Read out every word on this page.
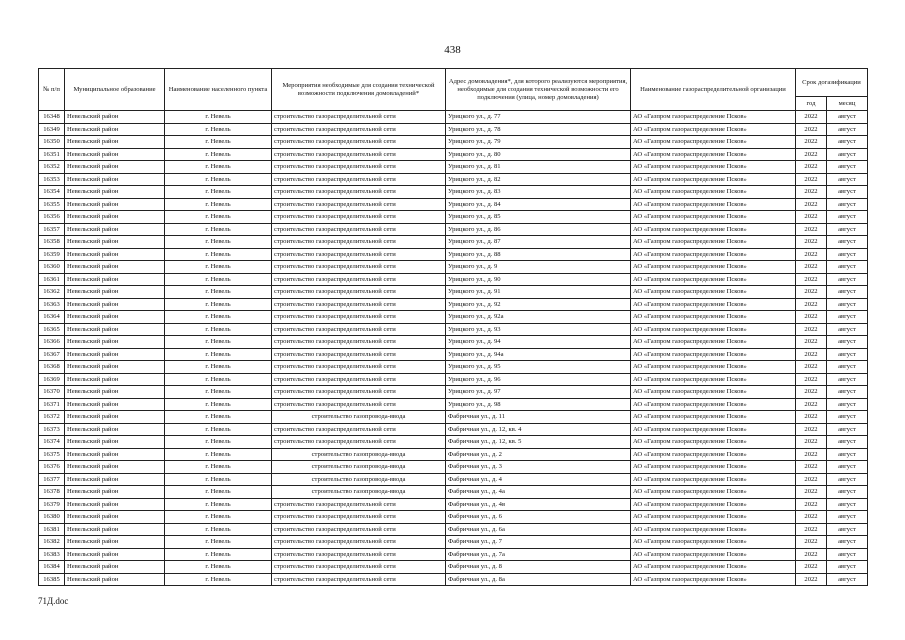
438
№ п/п	Муниципальное образование	Наименование населенного пункта	Мероприятия необходимые для создания технической возможности подключения домовладений*	Адрес домовладения*, для которого реализуются мероприятия, необходимые для создания технической возможности его подключения (улица, номер домовладения)	Наименование газораспределительной организации	Срок догазификации	
						год	месяц
16348	Невельский район	г. Невель	строительство газораспределительной сети	Урицкого ул., д. 77	АО «Газпром газораспределение Псков»	2022	август
16349	Невельский район	г. Невель	строительство газораспределительной сети	Урицкого ул., д. 78	АО «Газпром газораспределение Псков»	2022	август
16350	Невельский район	г. Невель	строительство газораспределительной сети	Урицкого ул., д. 79	АО «Газпром газораспределение Псков»	2022	август
16351	Невельский район	г. Невель	строительство газораспределительной сети	Урицкого ул., д. 80	АО «Газпром газораспределение Псков»	2022	август
16352	Невельский район	г. Невель	строительство газораспределительной сети	Урицкого ул., д. 81	АО «Газпром газораспределение Псков»	2022	август
16353	Невельский район	г. Невель	строительство газораспределительной сети	Урицкого ул., д. 82	АО «Газпром газораспределение Псков»	2022	август
16354	Невельский район	г. Невель	строительство газораспределительной сети	Урицкого ул., д. 83	АО «Газпром газораспределение Псков»	2022	август
16355	Невельский район	г. Невель	строительство газораспределительной сети	Урицкого ул., д. 84	АО «Газпром газораспределение Псков»	2022	август
16356	Невельский район	г. Невель	строительство газораспределительной сети	Урицкого ул., д. 85	АО «Газпром газораспределение Псков»	2022	август
16357	Невельский район	г. Невель	строительство газораспределительной сети	Урицкого ул., д. 86	АО «Газпром газораспределение Псков»	2022	август
16358	Невельский район	г. Невель	строительство газораспределительной сети	Урицкого ул., д. 87	АО «Газпром газораспределение Псков»	2022	август
16359	Невельский район	г. Невель	строительство газораспределительной сети	Урицкого ул., д. 88	АО «Газпром газораспределение Псков»	2022	август
16360	Невельский район	г. Невель	строительство газораспределительной сети	Урицкого ул., д. 9	АО «Газпром газораспределение Псков»	2022	август
16361	Невельский район	г. Невель	строительство газораспределительной сети	Урицкого ул., д. 90	АО «Газпром газораспределение Псков»	2022	август
16362	Невельский район	г. Невель	строительство газораспределительной сети	Урицкого ул., д. 91	АО «Газпром газораспределение Псков»	2022	август
16363	Невельский район	г. Невель	строительство газораспределительной сети	Урицкого ул., д. 92	АО «Газпром газораспределение Псков»	2022	август
16364	Невельский район	г. Невель	строительство газораспределительной сети	Урицкого ул., д. 92а	АО «Газпром газораспределение Псков»	2022	август
16365	Невельский район	г. Невель	строительство газораспределительной сети	Урицкого ул., д. 93	АО «Газпром газораспределение Псков»	2022	август
16366	Невельский район	г. Невель	строительство газораспределительной сети	Урицкого ул., д. 94	АО «Газпром газораспределение Псков»	2022	август
16367	Невельский район	г. Невель	строительство газораспределительной сети	Урицкого ул., д. 94а	АО «Газпром газораспределение Псков»	2022	август
16368	Невельский район	г. Невель	строительство газораспределительной сети	Урицкого ул., д. 95	АО «Газпром газораспределение Псков»	2022	август
16369	Невельский район	г. Невель	строительство газораспределительной сети	Урицкого ул., д. 96	АО «Газпром газораспределение Псков»	2022	август
16370	Невельский район	г. Невель	строительство газораспределительной сети	Урицкого ул., д. 97	АО «Газпром газораспределение Псков»	2022	август
16371	Невельский район	г. Невель	строительство газораспределительной сети	Урицкого ул., д. 98	АО «Газпром газораспределение Псков»	2022	август
16372	Невельский район	г. Невель	строительство газопровода-ввода	Фабричная ул., д. 11	АО «Газпром газораспределение Псков»	2022	август
16373	Невельский район	г. Невель	строительство газораспределительной сети	Фабричная ул., д. 12, кв. 4	АО «Газпром газораспределение Псков»	2022	август
16374	Невельский район	г. Невель	строительство газораспределительной сети	Фабричная ул., д. 12, кв. 5	АО «Газпром газораспределение Псков»	2022	август
16375	Невельский район	г. Невель	строительство газопровода-ввода	Фабричная ул., д. 2	АО «Газпром газораспределение Псков»	2022	август
16376	Невельский район	г. Невель	строительство газопровода-ввода	Фабричная ул., д. 3	АО «Газпром газораспределение Псков»	2022	август
16377	Невельский район	г. Невель	строительство газопровода-ввода	Фабричная ул., д. 4	АО «Газпром газораспределение Псков»	2022	август
16378	Невельский район	г. Невель	строительство газопровода-ввода	Фабричная ул., д. 4а	АО «Газпром газораспределение Псков»	2022	август
16379	Невельский район	г. Невель	строительство газораспределительной сети	Фабричная ул., д. 4в	АО «Газпром газораспределение Псков»	2022	август
16380	Невельский район	г. Невель	строительство газораспределительной сети	Фабричная ул., д. 6	АО «Газпром газораспределение Псков»	2022	август
16381	Невельский район	г. Невель	строительство газораспределительной сети	Фабричная ул., д. 6а	АО «Газпром газораспределение Псков»	2022	август
16382	Невельский район	г. Невель	строительство газораспределительной сети	Фабричная ул., д. 7	АО «Газпром газораспределение Псков»	2022	август
16383	Невельский район	г. Невель	строительство газораспределительной сети	Фабричная ул., д. 7а	АО «Газпром газораспределение Псков»	2022	август
16384	Невельский район	г. Невель	строительство газораспределительной сети	Фабричная ул., д. 8	АО «Газпром газораспределение Псков»	2022	август
16385	Невельский район	г. Невель	строительство газораспределительной сети	Фабричная ул., д. 8а	АО «Газпром газораспределение Псков»	2022	август
71Д.doc
